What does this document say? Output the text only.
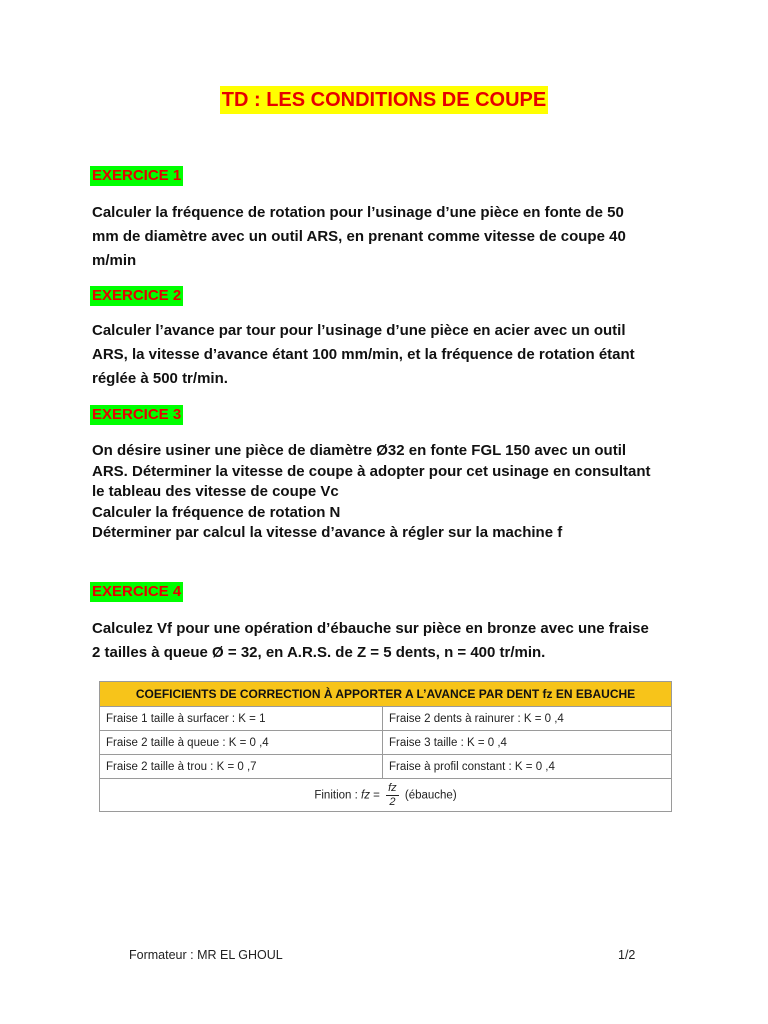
TD : LES CONDITIONS DE COUPE
EXERCICE 1
Calculer la fréquence de rotation pour l’usinage d’une pièce en fonte de 50
mm de diamètre avec un outil ARS, en prenant comme vitesse de coupe 40
m/min
EXERCICE 2
Calculer l’avance par tour pour l’usinage d’une pièce en acier avec un outil
ARS, la vitesse d’avance étant 100 mm/min, et la fréquence de rotation étant
réglée à 500 tr/min.
EXERCICE 3
On désire usiner une pièce de diamètre Ø32 en fonte FGL 150 avec un outil
ARS. Déterminer la vitesse de coupe à adopter pour cet usinage en consultant
le tableau des vitesse de coupe Vc
Calculer la fréquence de rotation N
Déterminer par calcul la vitesse d’avance à régler sur la machine f
EXERCICE 4
Calculez Vf pour une opération d’ébauche sur pièce en bronze avec une fraise
2 tailles à queue Ø = 32, en A.R.S. de Z = 5 dents, n = 400 tr/min.
COEFICIENTS DE CORRECTION À APPORTER A L’AVANCE PAR DENT fz EN EBAUCHE	
Fraise 1 taille à surfacer : K = 1	Fraise 2 dents à rainurer : K = 0 ,4
Fraise 2 taille à queue : K = 0 ,4	Fraise 3 taille : K = 0 ,4
Fraise 2 taille à trou : K = 0 ,7	Fraise à profil constant : K = 0 ,4
Finition : fz = $\frac{fz}{2}$ (ébauche)	
Formateur : MR EL GHOUL	1/2
